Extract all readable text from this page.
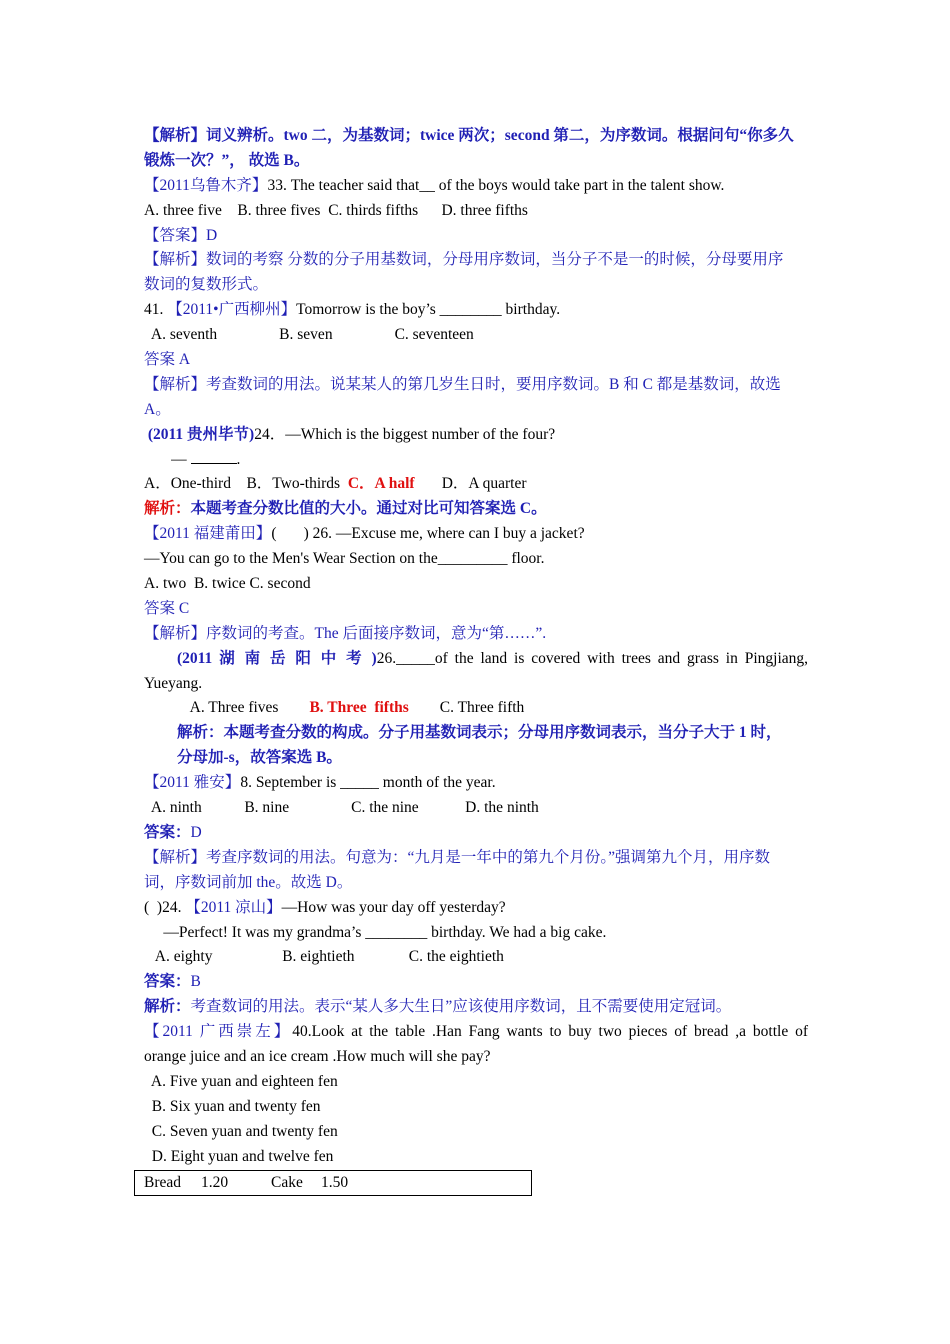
【解析】词义辨析。two 二，为基数词；twice 两次；second 第二，为序数词。根据问句“你多久
锻炼一次？”， 故选 B。
【2011乌鲁木齐】33. The teacher said that__ of the boys would take part in the talent show.
A. three five    B. three fives  C. thirds fifths      D. three fifths
【答案】D
【解析】数词的考察 分数的分子用基数词，分母用序数词，当分子不是一的时候，分母要用序
数词的复数形式。
41. 【2011•广西柳州】Tomorrow is the boy’s ________ birthday.
A. seventh                B. seven                C. seventeen
答案 A
【解析】考查数词的用法。说某某人的第几岁生日时，要用序数词。B 和 C 都是基数词，故选
A。
(2011 贵州毕节)24．—Which is the biggest number of the four?
—	.
A．One-third    B．Two-thirds  C．A half       D．A quarter
解析：本题考查分数比值的大小。通过对比可知答案选 C。
【2011 福建莆田】(       ) 26. —Excuse me, where can I buy a jacket?
—You can go to the Men's Wear Section on the_________ floor.
A. two  B. twice C. second
答案 C
【解析】序数词的考查。The 后面接序数词，意为“第……”.
(2011 湖 南 岳 阳 中 考 )26._____of the land is covered with trees and grass in Pingjiang,
Yueyang.
A. Three fives        B. Three  fifths        C. Three fifth
解析：本题考查分数的构成。分子用基数词表示；分母用序数词表示，当分子大于 1 时，
分母加-s，故答案选 B。
【2011 雅安】8. September is _____ month of the year.
A. ninth           B. nine                C. the nine            D. the ninth
答案：D
【解析】考查序数词的用法。句意为：“九月是一年中的第九个月份。”强调第九个月，用序数
词，序数词前加 the。故选 D。
(  )24. 【2011 凉山】—How was your day off yesterday?
—Perfect! It was my grandma’s ________ birthday. We had a big cake.
A. eighty                  B. eightieth              C. the eightieth
答案：B
解析：考查数词的用法。表示“某人多大生日”应该使用序数词，且不需要使用定冠词。
【2011 广西崇左】40.Look at the table .Han Fang wants to buy two pieces of bread ,a bottle of
orange juice and an ice cream .How much will she pay?
A. Five yuan and eighteen fen
B. Six yuan and twenty fen
C. Seven yuan and twenty fen
D. Eight yuan and twelve fen
Bread 1.20	Cake 1.50
